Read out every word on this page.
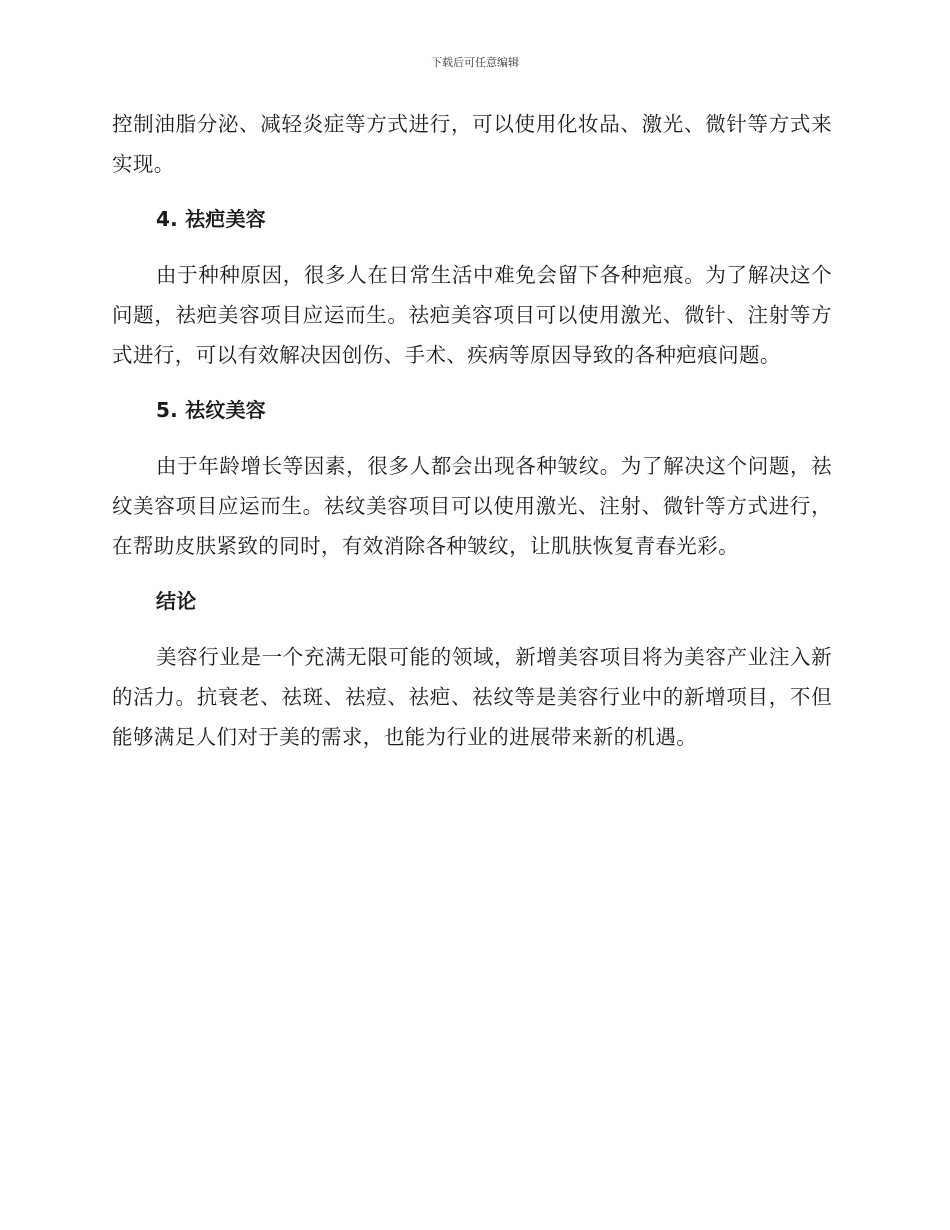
下载后可任意编辑

控制油脂分泌、减轻炎症等方式进行，可以使用化妆品、激光、微针等方式来实现。

4. 祛疤美容

由于种种原因，很多人在日常生活中难免会留下各种疤痕。为了解决这个问题，祛疤美容项目应运而生。祛疤美容项目可以使用激光、微针、注射等方式进行，可以有效解决因创伤、手术、疾病等原因导致的各种疤痕问题。

5. 祛纹美容

由于年龄增长等因素，很多人都会出现各种皱纹。为了解决这个问题，祛纹美容项目应运而生。祛纹美容项目可以使用激光、注射、微针等方式进行，在帮助皮肤紧致的同时，有效消除各种皱纹，让肌肤恢复青春光彩。

结论

美容行业是一个充满无限可能的领域，新增美容项目将为美容产业注入新的活力。抗衰老、祛斑、祛痘、祛疤、祛纹等是美容行业中的新增项目，不但能够满足人们对于美的需求，也能为行业的进展带来新的机遇。
